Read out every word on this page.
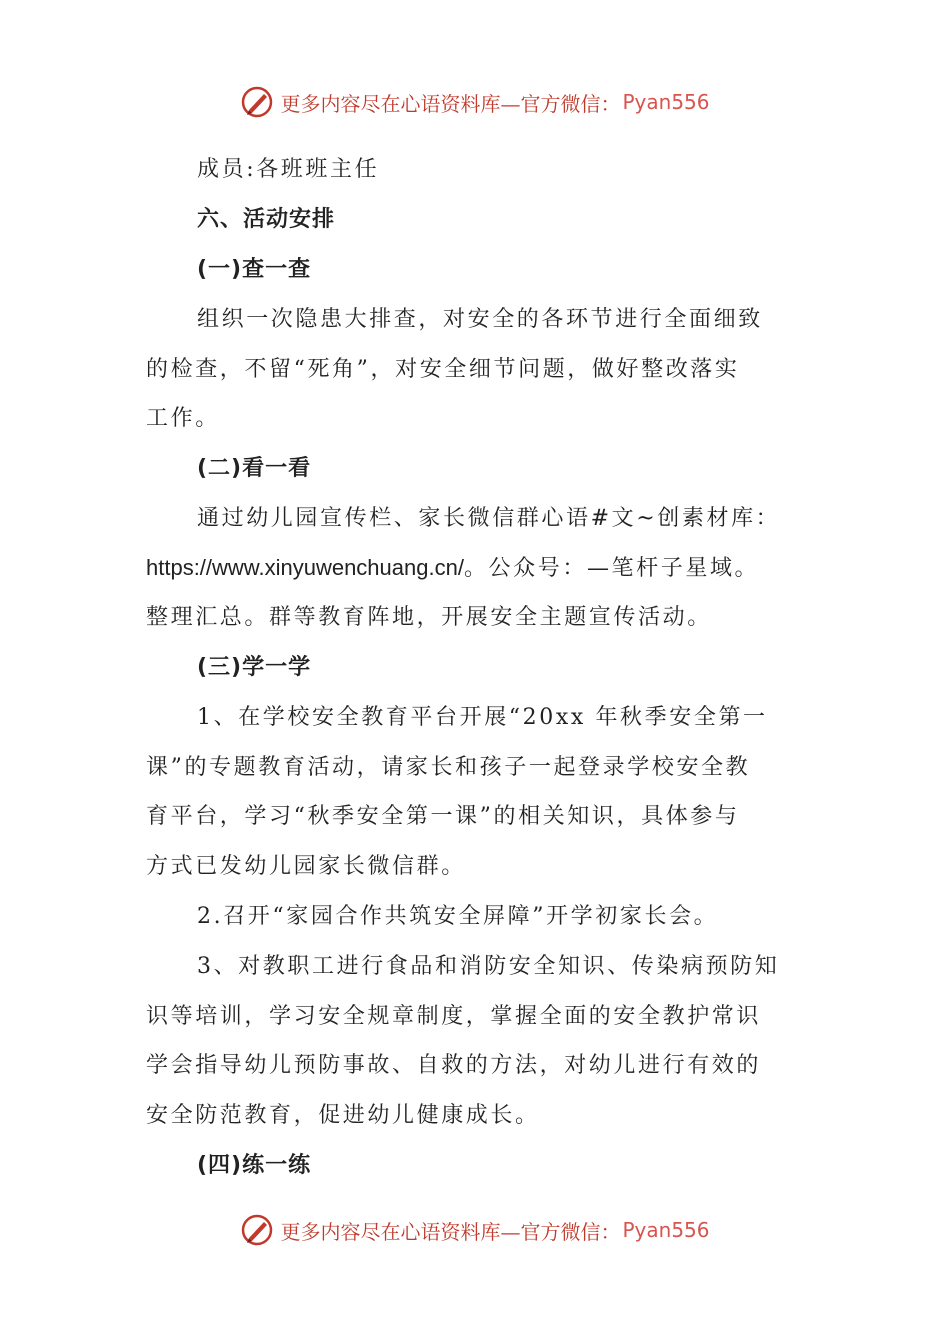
更多内容尽在心语资料库—官方微信： Pyan556
成员:各班班主任
六、活动安排
(一)查一查
组织一次隐患大排查，对安全的各环节进行全面细致
的检查，不留“死角”，对安全细节问题，做好整改落实
工作。
(二)看一看
通过幼儿园宣传栏、家长微信群心语#文~创素材库：
https://www.xinyuwenchuang.cn/。公众号：—笔杆子星域。
整理汇总。群等教育阵地，开展安全主题宣传活动。
(三)学一学
1、在学校安全教育平台开展“20xx 年秋季安全第一
课”的专题教育活动，请家长和孩子一起登录学校安全教
育平台，学习“秋季安全第一课”的相关知识，具体参与
方式已发幼儿园家长微信群。
2.召开“家园合作共筑安全屏障”开学初家长会。
3、对教职工进行食品和消防安全知识、传染病预防知
识等培训，学习安全规章制度，掌握全面的安全教护常识
学会指导幼儿预防事故、自救的方法，对幼儿进行有效的
安全防范教育，促进幼儿健康成长。
(四)练一练
更多内容尽在心语资料库—官方微信： Pyan556
